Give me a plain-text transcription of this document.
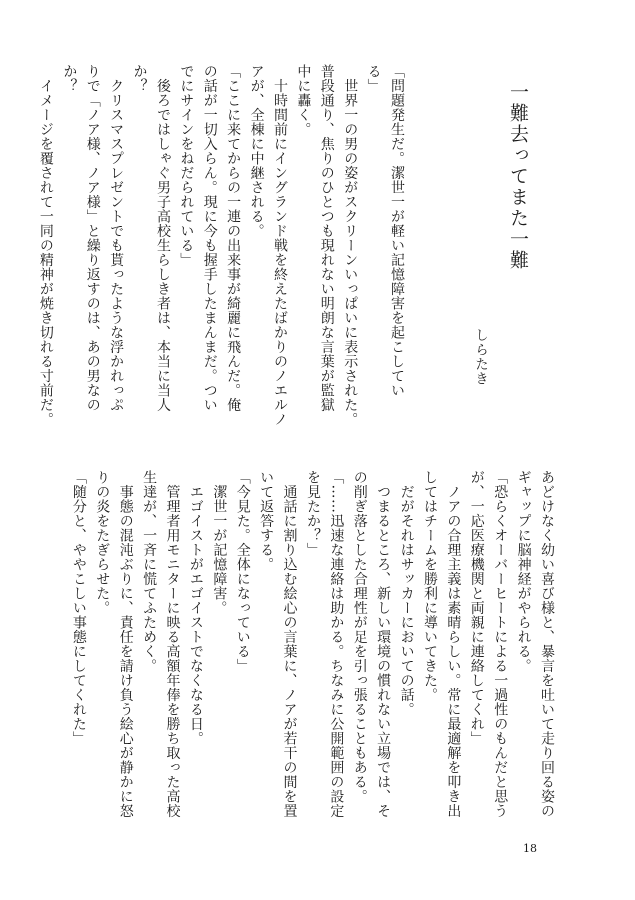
一難去ってまた一難
しらたき
「問題発生だ。潔世一が軽い記憶障害を起こしてい
る」
　世界一の男の姿がスクリーンいっぱいに表示された。
普段通り、焦りのひとつも現れない明朗な言葉が監獄
中に轟く。
　十時間前にイングランド戦を終えたばかりのノエルノ
アが、全棟に中継される。
「ここに来てからの一連の出来事が綺麗に飛んだ。俺
の話が一切入らん。現に今も握手したまんまだ。つい
でにサインをねだられている」
　後ろではしゃぐ男子高校生らしき者は、本当に当人
か？
　クリスマスプレゼントでも貰ったような浮かれっぷ
りで「ノア様、ノア様」と繰り返すのは、あの男なの
か？
　イメージを覆されて一同の精神が焼き切れる寸前だ。
あどけなく幼い喜び様と、暴言を吐いて走り回る姿の
ギャップに脳神経がやられる。
「恐らくオーバーヒートによる一過性のもんだと思う
が、一応医療機関と両親に連絡してくれ」
　ノアの合理主義は素晴らしい。常に最適解を叩き出
してはチームを勝利に導いてきた。
　だがそれはサッカーにおいての話。
　つまるところ、新しい環境の慣れない立場では、そ
の削ぎ落とした合理性が足を引っ張ることもある。
「……迅速な連絡は助かる。ちなみに公開範囲の設定
を見たか？」
　通話に割り込む絵心の言葉に、ノアが若干の間を置
いて返答する。
「今見た。全体になっている」
　潔世一が記憶障害。
　エゴイストがエゴイストでなくなる日。
　管理者用モニターに映る高額年俸を勝ち取った高校
生達が、一斉に慌てふためく。
　事態の混沌ぶりに、責任を請け負う絵心が静かに怒
りの炎をたぎらせた。
「随分と、ややこしい事態にしてくれた」
18
